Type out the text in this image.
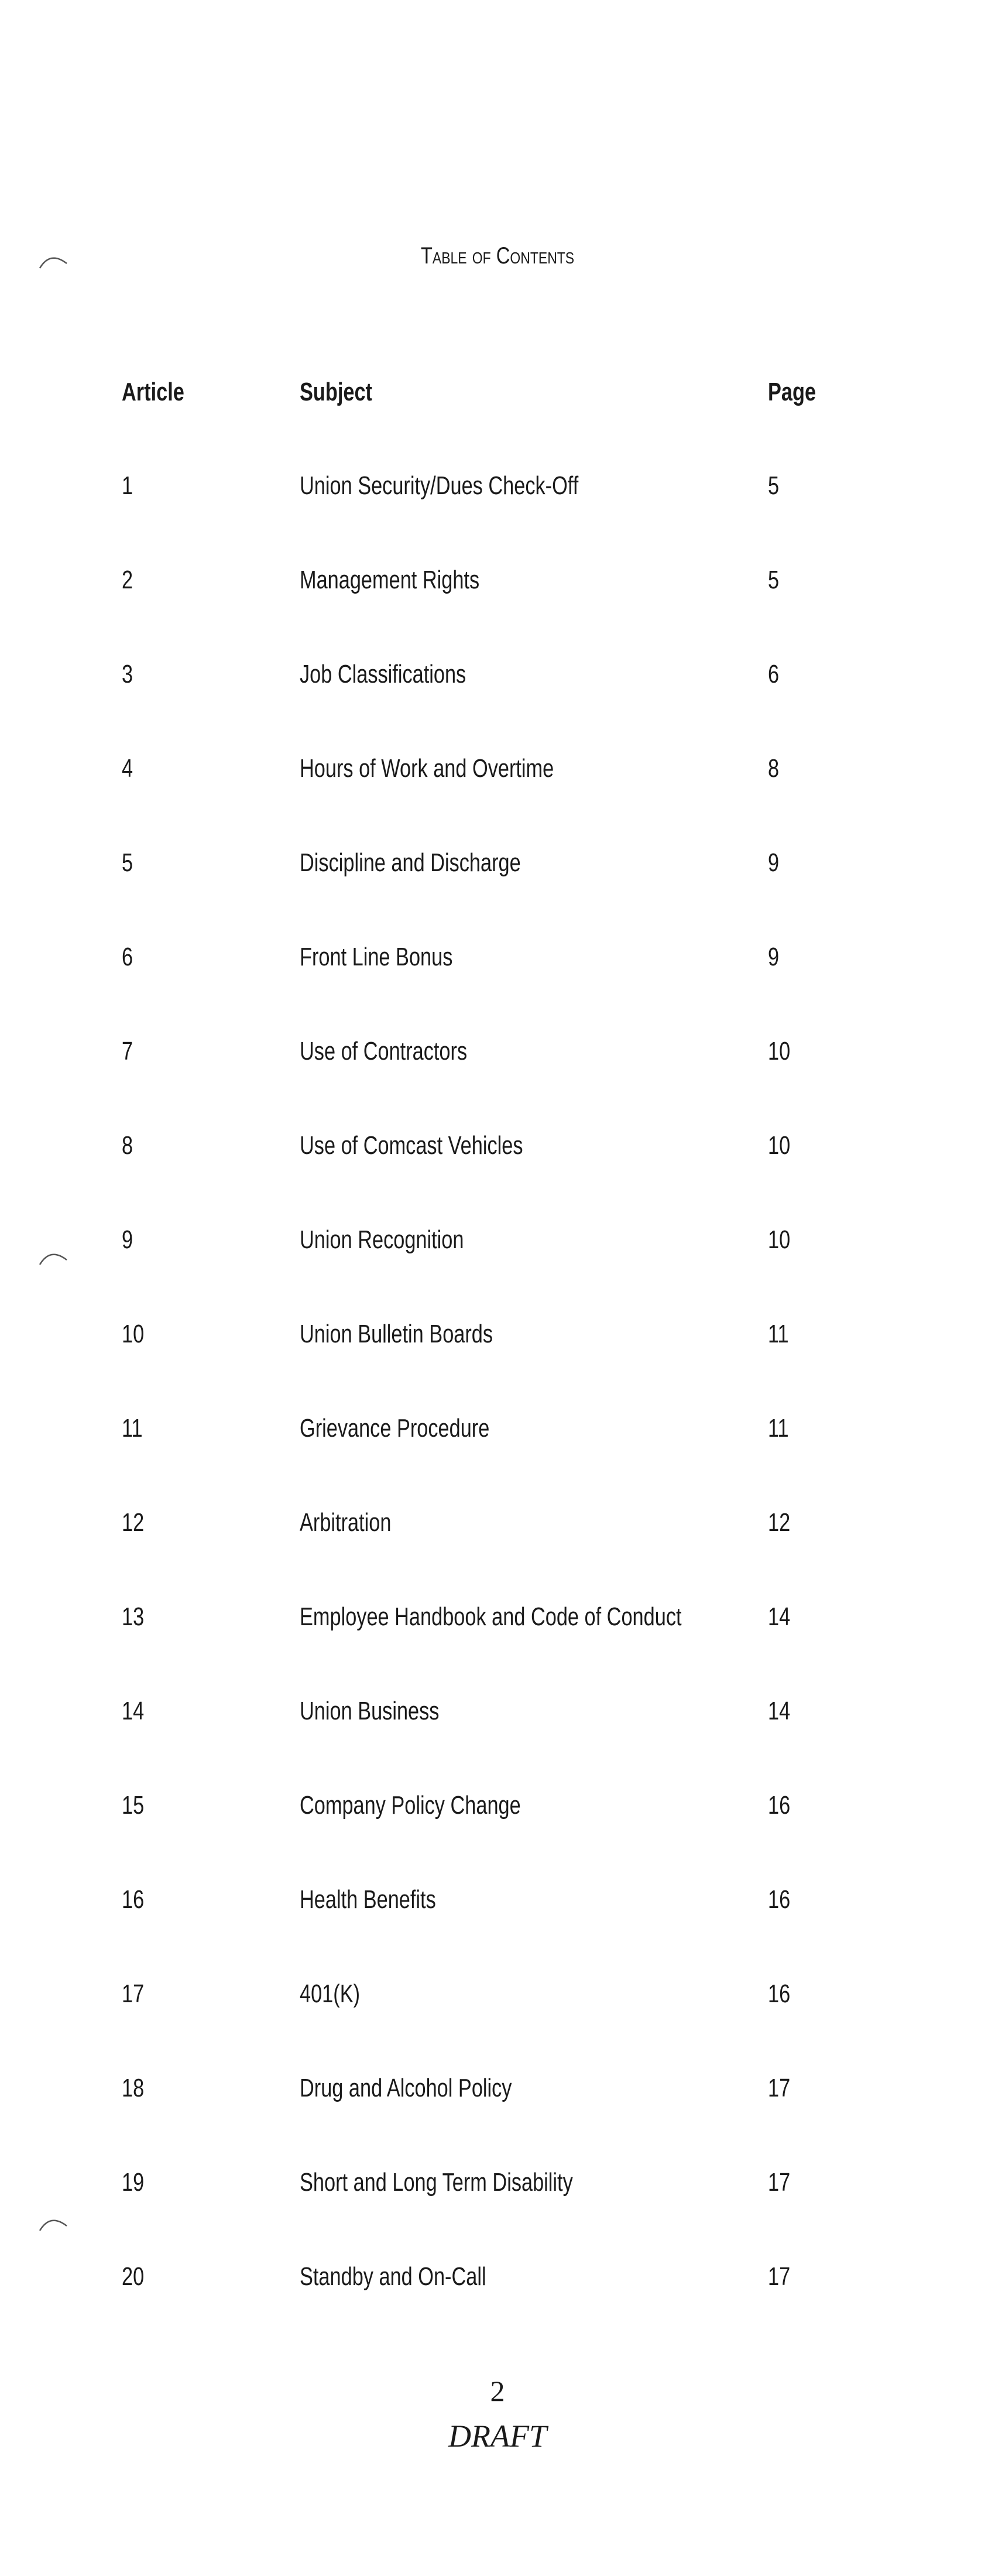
Table of Contents
Article	Subject	Page
1	Union Security/Dues Check-Off	5
2	Management Rights	5
3	Job Classifications	6
4	Hours of Work and Overtime	8
5	Discipline and Discharge	9
6	Front Line Bonus	9
7	Use of Contractors	10
8	Use of Comcast Vehicles	10
9	Union Recognition	10
10	Union Bulletin Boards	11
11	Grievance Procedure	11
12	Arbitration	12
13	Employee Handbook and Code of Conduct	14
14	Union Business	14
15	Company Policy Change	16
16	Health Benefits	16
17	401(K)	16
18	Drug and Alcohol Policy	17
19	Short and Long Term Disability	17
20	Standby and On-Call	17
2
DRAFT
